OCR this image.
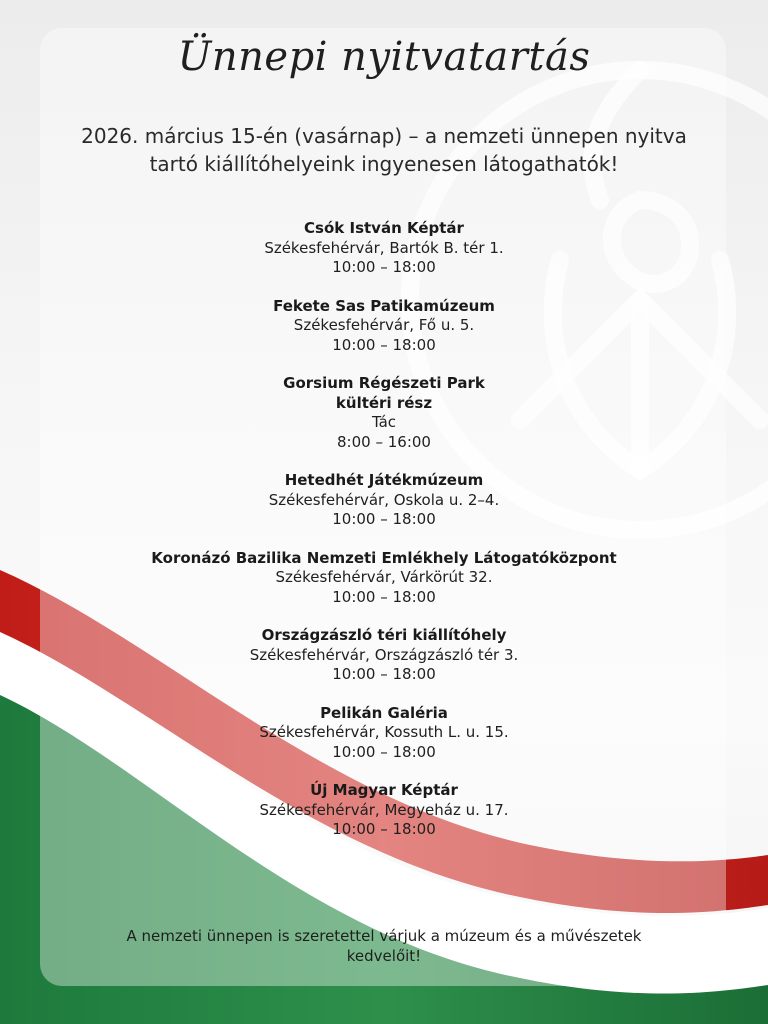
Ünnepi nyitvatartás
2026. március 15-én (vasárnap) – a nemzeti ünnepen nyitva tartó kiállítóhelyeink ingyenesen látogathatók!
Csók István Képtár
Székesfehérvár, Bartók B. tér 1.
10:00 – 18:00
Fekete Sas Patikamúzeum
Székesfehérvár, Fő u. 5.
10:00 – 18:00
Gorsium Régészeti Park
kültéri rész
Tác
8:00 – 16:00
Hetedhét Játékmúzeum
Székesfehérvár, Oskola u. 2–4.
10:00 – 18:00
Koronázó Bazilika Nemzeti Emlékhely Látogatóközpont
Székesfehérvár, Várkörút 32.
10:00 – 18:00
Országzászló téri kiállítóhely
Székesfehérvár, Országzászló tér 3.
10:00 – 18:00
Pelikán Galéria
Székesfehérvár, Kossuth L. u. 15.
10:00 – 18:00
Új Magyar Képtár
Székesfehérvár, Megyeház u. 17.
10:00 – 18:00
A nemzeti ünnepen is szeretettel várjuk a múzeum és a művészetek kedvelőit!
